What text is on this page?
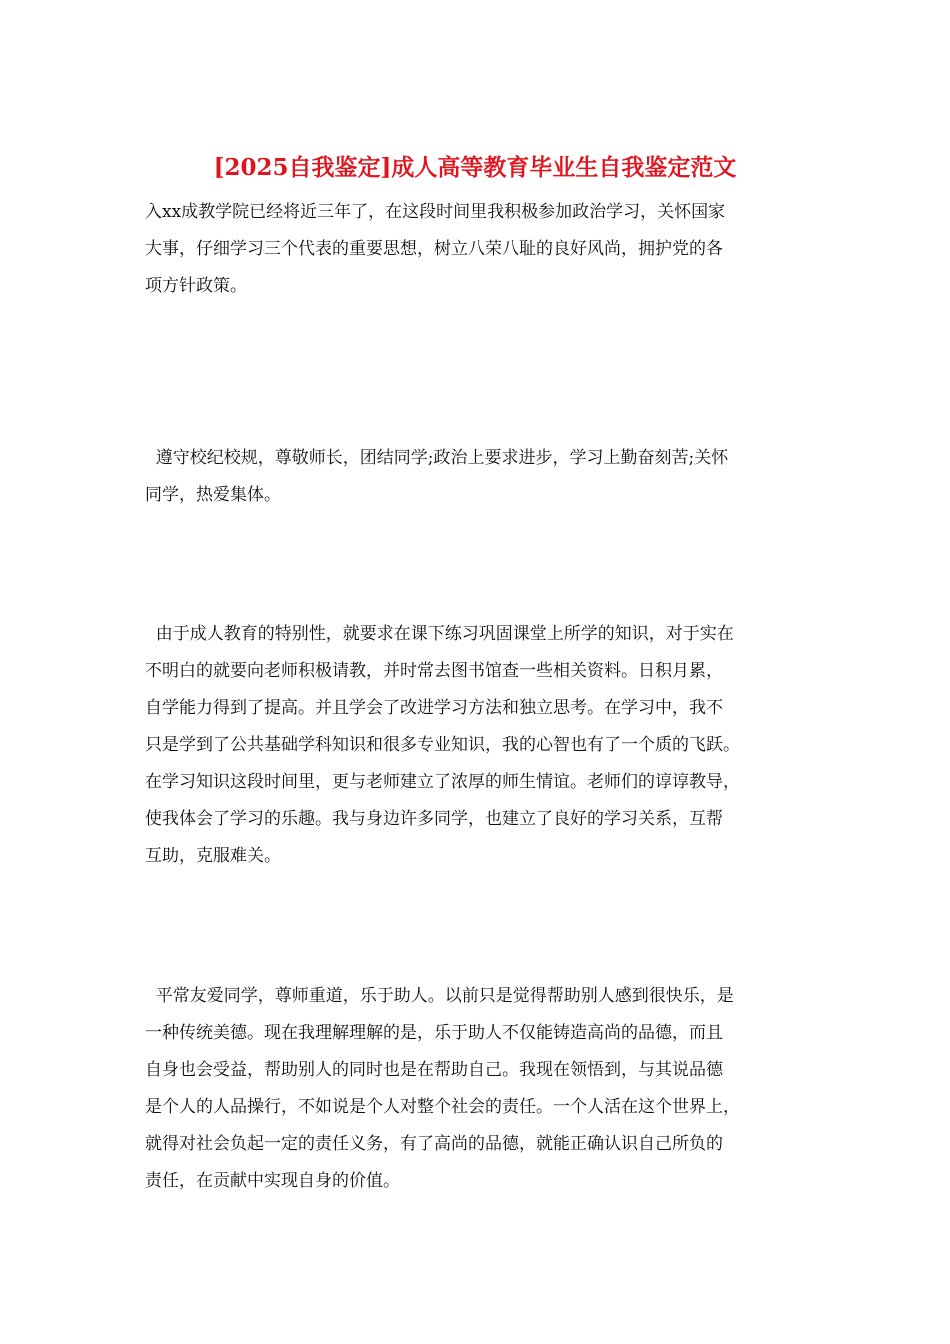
[2025自我鉴定]成人高等教育毕业生自我鉴定范文
入xx成教学院已经将近三年了，在这段时间里我积极参加政治学习，关怀国家
大事，仔细学习三个代表的重要思想，树立八荣八耻的良好风尚，拥护党的各
项方针政策。
遵守校纪校规，尊敬师长，团结同学;政治上要求进步，学习上勤奋刻苦;关怀
同学，热爱集体。
由于成人教育的特别性，就要求在课下练习巩固课堂上所学的知识，对于实在
不明白的就要向老师积极请教，并时常去图书馆查一些相关资料。日积月累，
自学能力得到了提高。并且学会了改进学习方法和独立思考。在学习中，我不
只是学到了公共基础学科知识和很多专业知识，我的心智也有了一个质的飞跃。
在学习知识这段时间里，更与老师建立了浓厚的师生情谊。老师们的谆谆教导，
使我体会了学习的乐趣。我与身边许多同学，也建立了良好的学习关系，互帮
互助，克服难关。
平常友爱同学，尊师重道，乐于助人。以前只是觉得帮助别人感到很快乐，是
一种传统美德。现在我理解理解的是，乐于助人不仅能铸造高尚的品德，而且
自身也会受益，帮助别人的同时也是在帮助自己。我现在领悟到，与其说品德
是个人的人品操行，不如说是个人对整个社会的责任。一个人活在这个世界上，
就得对社会负起一定的责任义务，有了高尚的品德，就能正确认识自己所负的
责任，在贡献中实现自身的价值。
